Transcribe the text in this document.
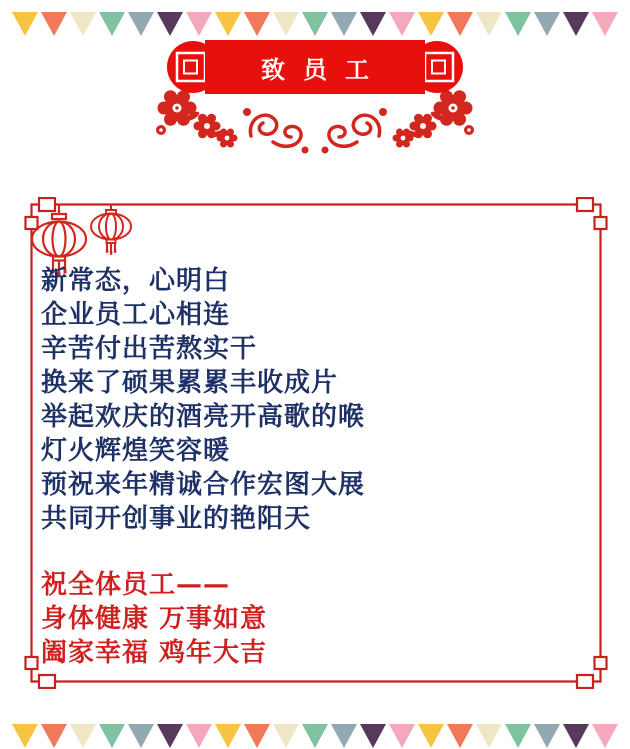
致员工
新常态，心明白
企业员工心相连
辛苦付出苦熬实干
换来了硕果累累丰收成片
举起欢庆的酒亮开高歌的喉
灯火辉煌笑容暖
预祝来年精诚合作宏图大展
共同开创事业的艳阳天
祝全体员工——
身体健康 万事如意
阖家幸福 鸡年大吉
